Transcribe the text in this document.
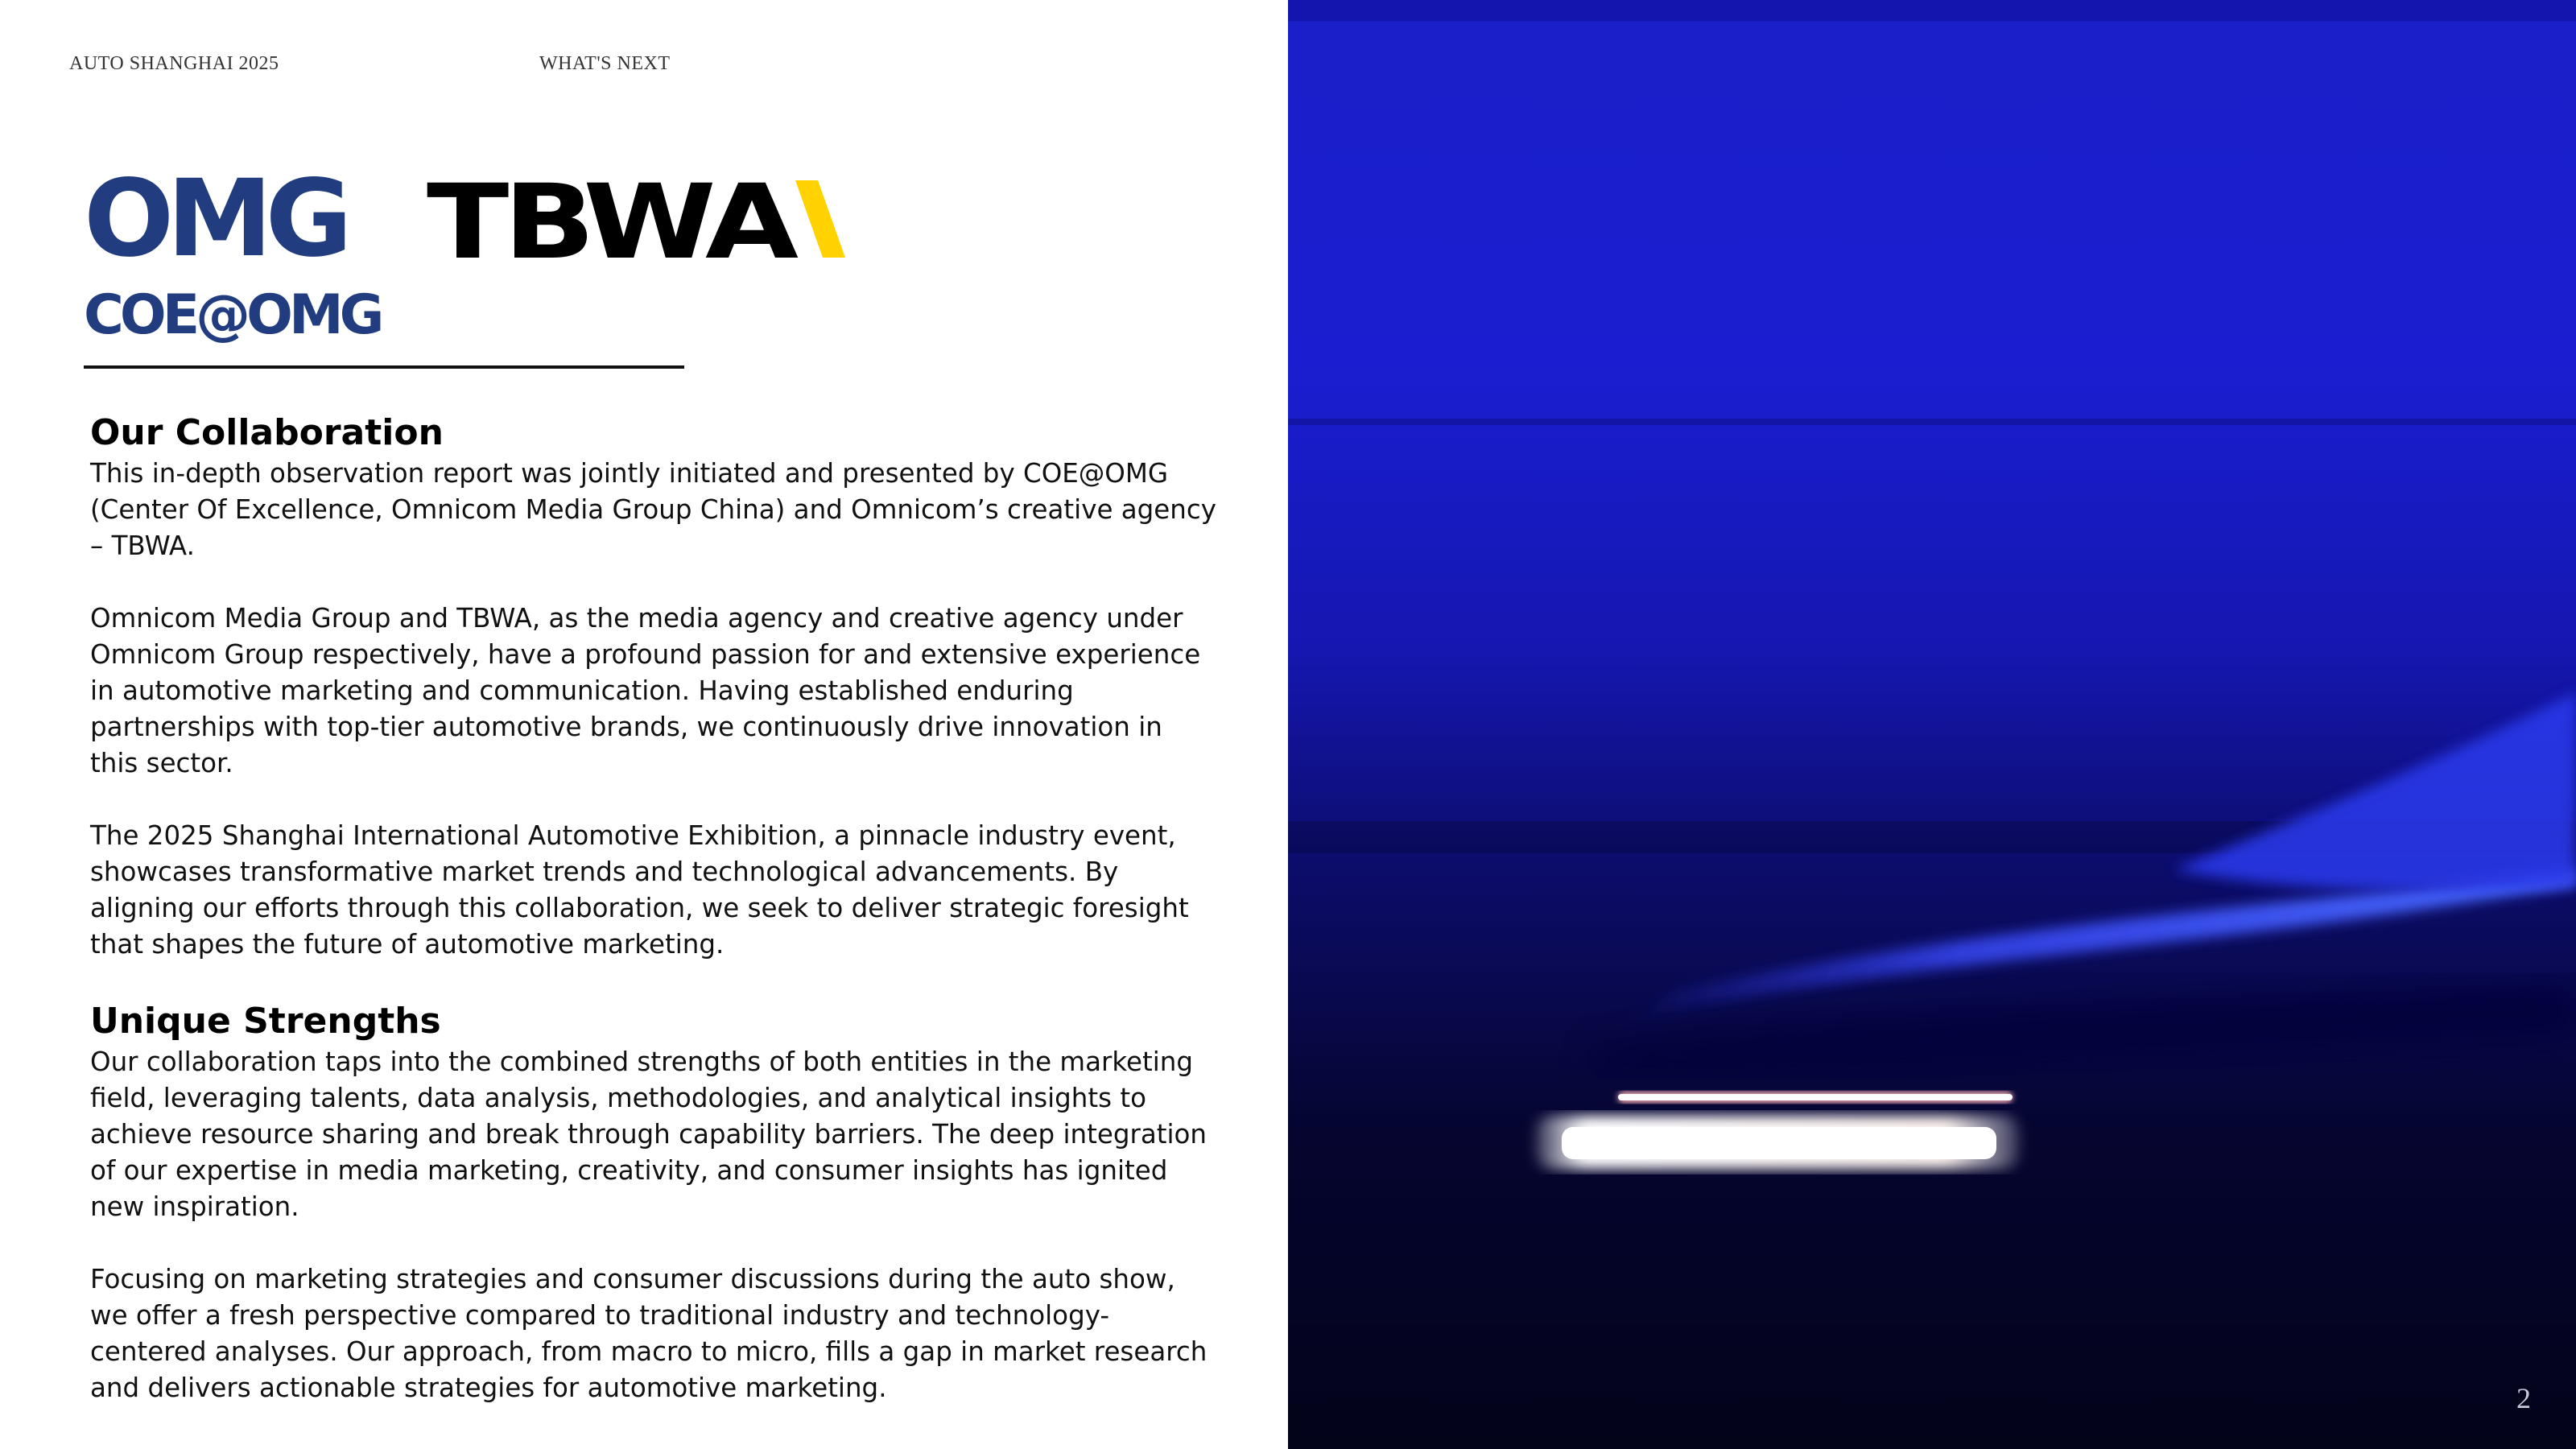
AUTO SHANGHAI 2025	WHAT'S NEXT
OMG
COE@OMG
TBWA
Our Collaboration

This in-depth observation report was jointly initiated and presented by COE@OMG (Center Of Excellence, Omnicom Media Group China) and Omnicom’s creative agency – TBWA.

Omnicom Media Group and TBWA, as the media agency and creative agency under Omnicom Group respectively, have a profound passion for and extensive experience in automotive marketing and communication. Having established enduring partnerships with top-tier automotive brands, we continuously drive innovation in this sector.

The 2025 Shanghai International Automotive Exhibition, a pinnacle industry event, showcases transformative market trends and technological advancements. By aligning our efforts through this collaboration, we seek to deliver strategic foresight that shapes the future of automotive marketing.

Unique Strengths

Our collaboration taps into the combined strengths of both entities in the marketing field, leveraging talents, data analysis, methodologies, and analytical insights to achieve resource sharing and break through capability barriers. The deep integration of our expertise in media marketing, creativity, and consumer insights has ignited new inspiration.

Focusing on marketing strategies and consumer discussions during the auto show, we offer a fresh perspective compared to traditional industry and technology-centered analyses. Our approach, from macro to micro, fills a gap in market research and delivers actionable strategies for automotive marketing.	2
